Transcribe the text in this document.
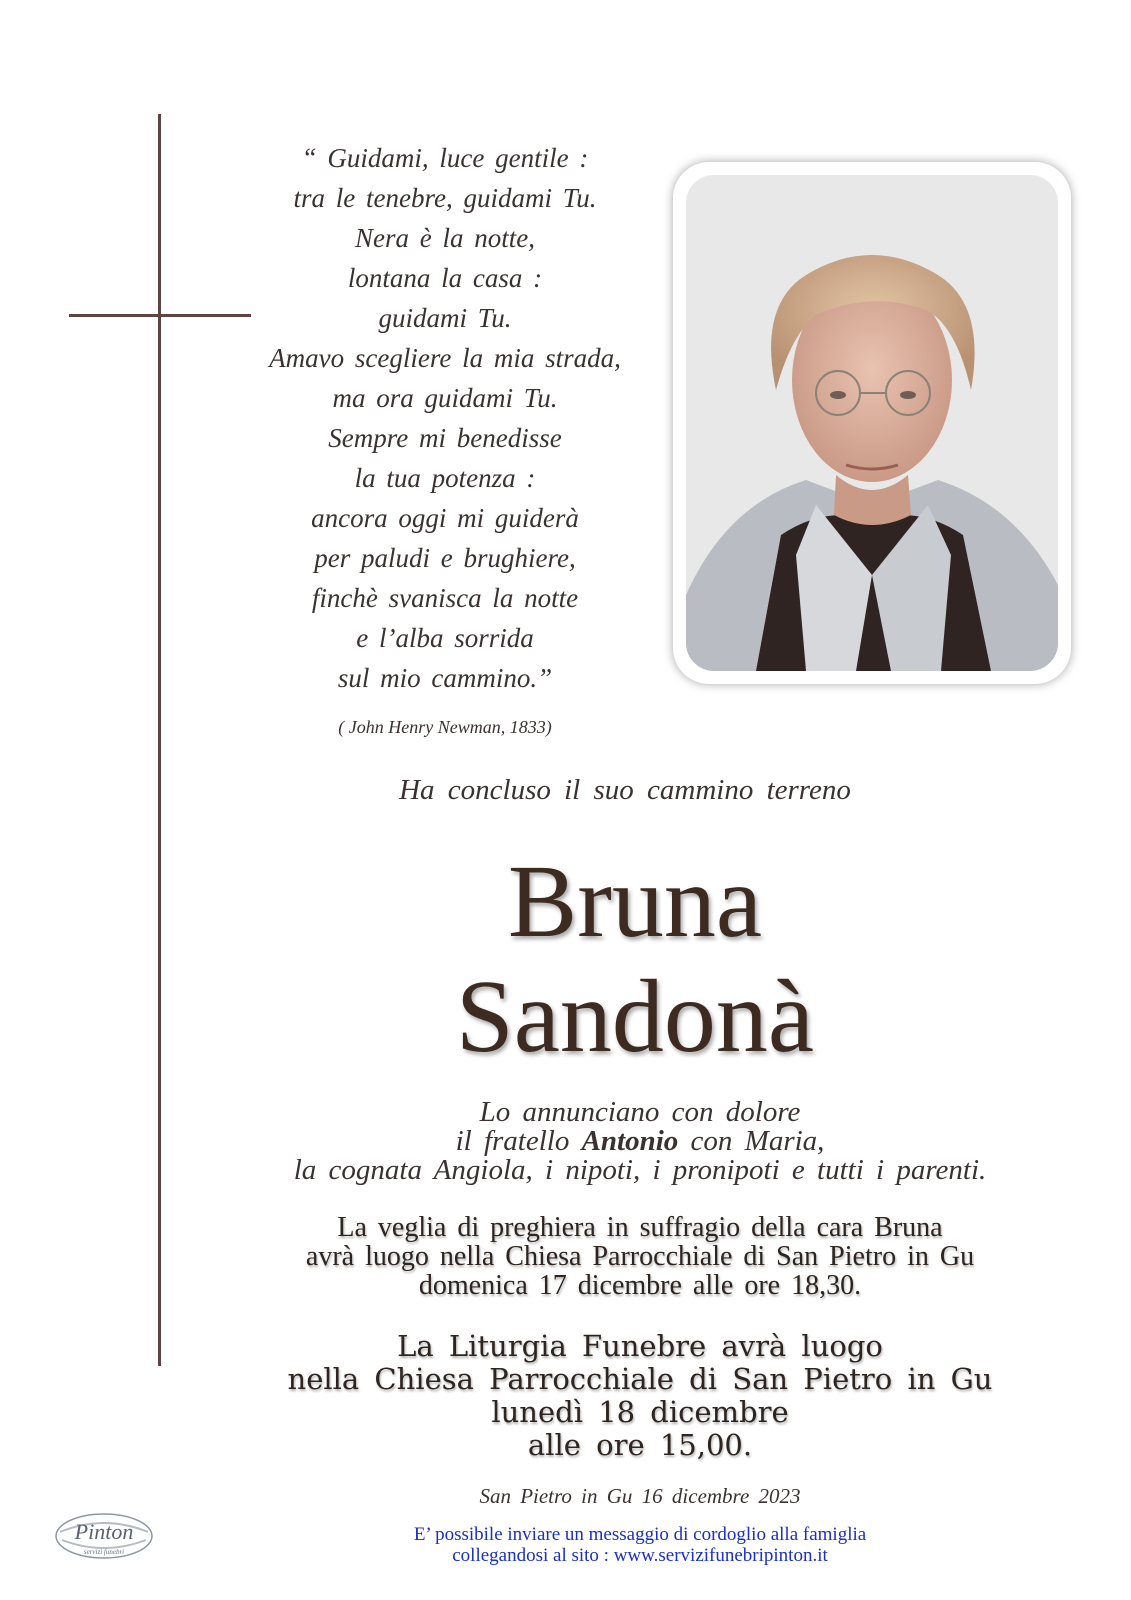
“ Guidami, luce gentile :
tra le tenebre, guidami Tu.
Nera è la notte,
lontana la casa :
guidami Tu.
Amavo scegliere la mia strada,
ma ora guidami Tu.
Sempre mi benedisse
la tua potenza :
ancora oggi mi guiderà
per paludi e brughiere,
finchè svanisca la notte
e l’alba sorrida
sul mio cammino.”
( John Henry Newman, 1833)
Ha concluso il suo cammino terreno
Bruna
Sandonà
Lo annunciano con dolore
il fratello Antonio con Maria,
la cognata Angiola, i nipoti, i pronipoti e tutti i parenti.
La veglia di preghiera in suffragio della cara Bruna
avrà luogo nella Chiesa Parrocchiale di San Pietro in Gu
domenica 17 dicembre alle ore 18,30.
La Liturgia Funebre avrà luogo
nella Chiesa Parrocchiale di San Pietro in Gu
lunedì 18 dicembre
alle ore 15,00.
San Pietro in Gu 16 dicembre 2023
E’ possibile inviare un messaggio di cordoglio alla famiglia
collegandosi al sito : www.servizifunebripinton.it
Pinton
servizi funebri
